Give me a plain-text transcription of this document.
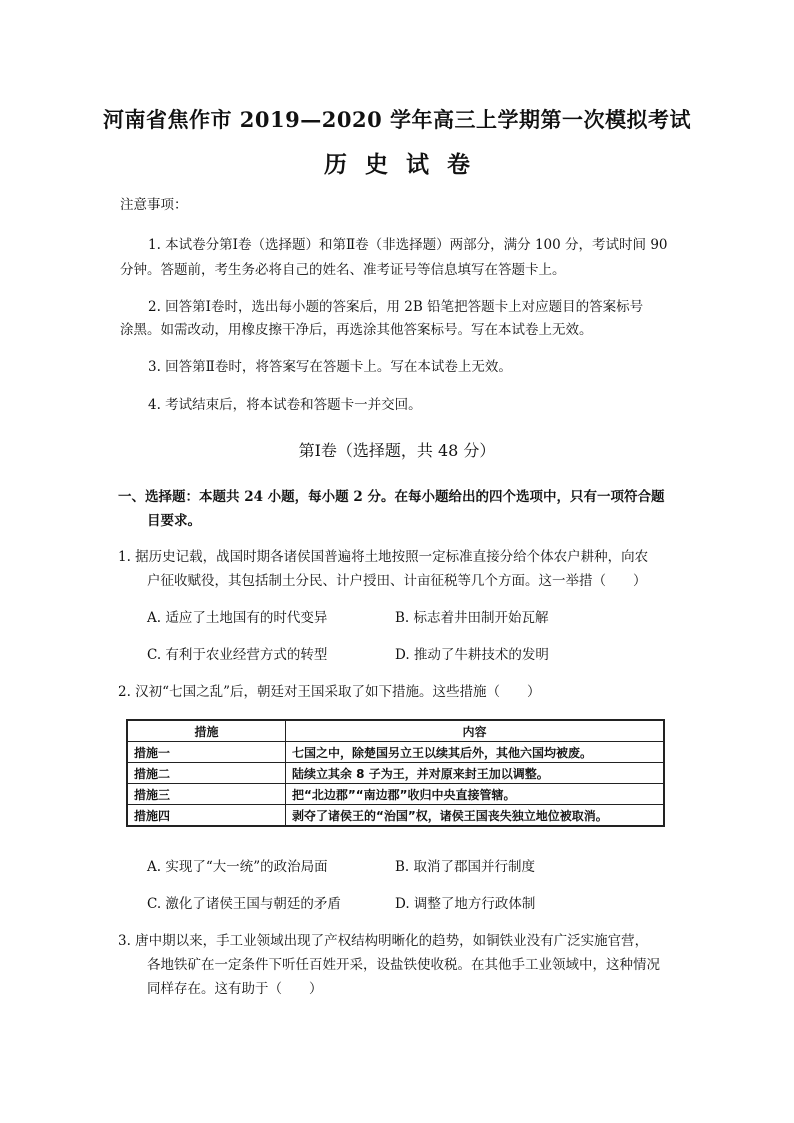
河南省焦作市 2019—2020 学年高三上学期第一次模拟考试
历史试卷
注意事项：
1. 本试卷分第Ⅰ卷（选择题）和第Ⅱ卷（非选择题）两部分，满分 100 分，考试时间 90
分钟。答题前，考生务必将自己的姓名、准考证号等信息填写在答题卡上。
2. 回答第Ⅰ卷时，选出每小题的答案后，用 2B 铅笔把答题卡上对应题目的答案标号
涂黑。如需改动，用橡皮擦干净后，再选涂其他答案标号。写在本试卷上无效。
3. 回答第Ⅱ卷时，将答案写在答题卡上。写在本试卷上无效。
4. 考试结束后，将本试卷和答题卡一并交回。
第Ⅰ卷（选择题，共 48 分）
一、选择题：本题共 24 小题，每小题 2 分。在每小题给出的四个选项中，只有一项符合题
目要求。
1. 据历史记载，战国时期各诸侯国普遍将土地按照一定标准直接分给个体农户耕种，向农
户征收赋役，其包括制土分民、计户授田、计亩征税等几个方面。这一举措（　　）
A. 适应了土地国有的时代变异	B. 标志着井田制开始瓦解
C. 有利于农业经营方式的转型	D. 推动了牛耕技术的发明
2. 汉初“七国之乱”后，朝廷对王国采取了如下措施。这些措施（　　）
措施	内容
措施一	七国之中，除楚国另立王以续其后外，其他六国均被废。
措施二	陆续立其余 8 子为王，并对原来封王加以调整。
措施三	把“北边郡”“南边郡”收归中央直接管辖。
措施四	剥夺了诸侯王的“治国”权，诸侯王国丧失独立地位被取消。
A. 实现了“大一统”的政治局面	B. 取消了郡国并行制度
C. 激化了诸侯王国与朝廷的矛盾	D. 调整了地方行政体制
3. 唐中期以来，手工业领域出现了产权结构明晰化的趋势，如铜铁业没有广泛实施官营，
各地铁矿在一定条件下听任百姓开采，设盐铁使收税。在其他手工业领域中，这种情况
同样存在。这有助于（　　）
